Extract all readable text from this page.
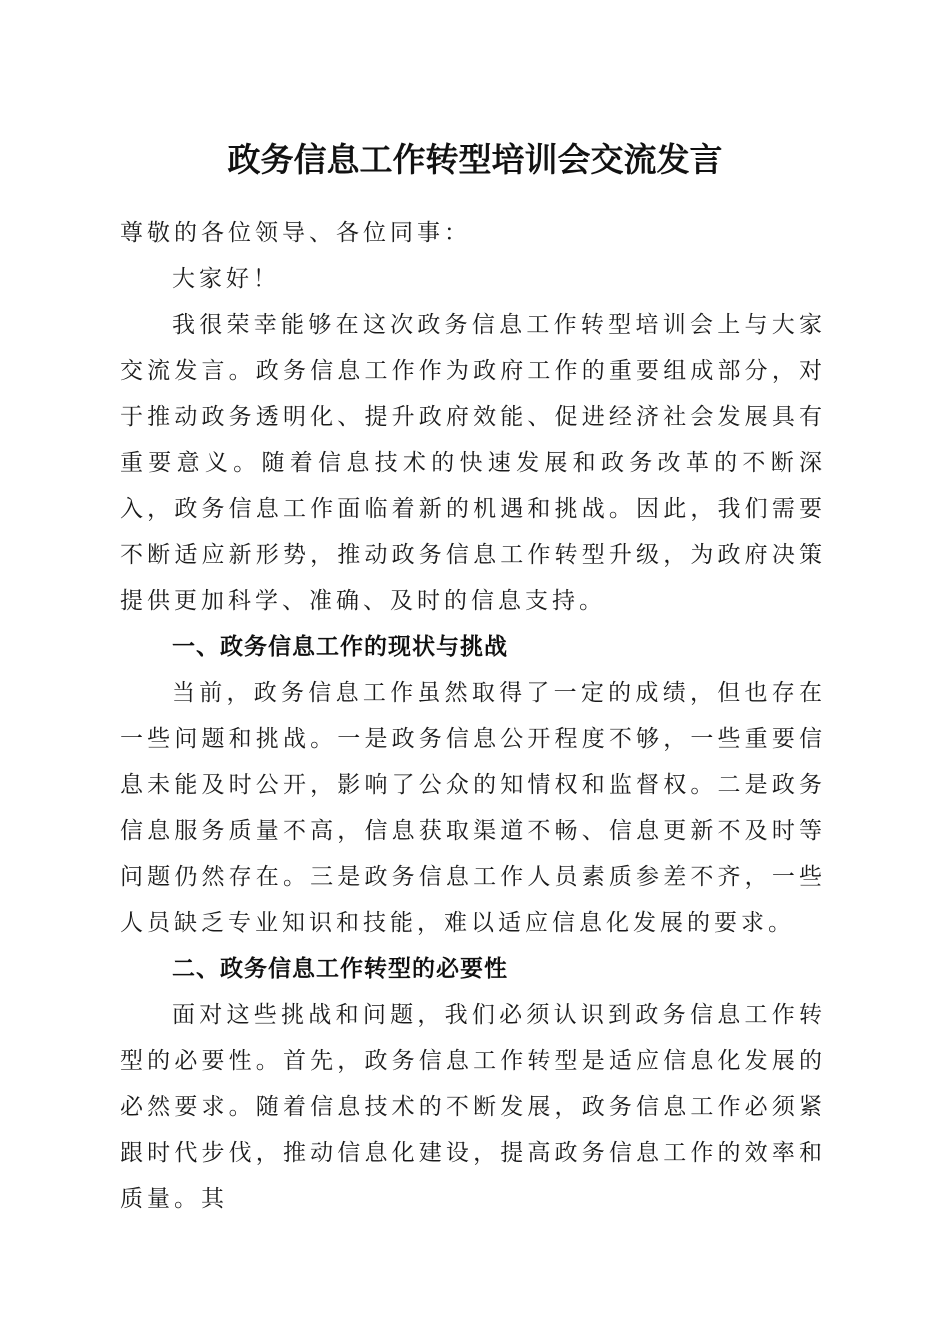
政务信息工作转型培训会交流发言

尊敬的各位领导、各位同事：

大家好！

我很荣幸能够在这次政务信息工作转型培训会上与大家交流发言。政务信息工作作为政府工作的重要组成部分，对于推动政务透明化、提升政府效能、促进经济社会发展具有重要意义。随着信息技术的快速发展和政务改革的不断深入，政务信息工作面临着新的机遇和挑战。因此，我们需要不断适应新形势，推动政务信息工作转型升级，为政府决策提供更加科学、准确、及时的信息支持。

一、政务信息工作的现状与挑战

当前，政务信息工作虽然取得了一定的成绩，但也存在一些问题和挑战。一是政务信息公开程度不够，一些重要信息未能及时公开，影响了公众的知情权和监督权。二是政务信息服务质量不高，信息获取渠道不畅、信息更新不及时等问题仍然存在。三是政务信息工作人员素质参差不齐，一些人员缺乏专业知识和技能，难以适应信息化发展的要求。

二、政务信息工作转型的必要性

面对这些挑战和问题，我们必须认识到政务信息工作转型的必要性。首先，政务信息工作转型是适应信息化发展的必然要求。随着信息技术的不断发展，政务信息工作必须紧跟时代步伐，推动信息化建设，提高政务信息工作的效率和质量。其
